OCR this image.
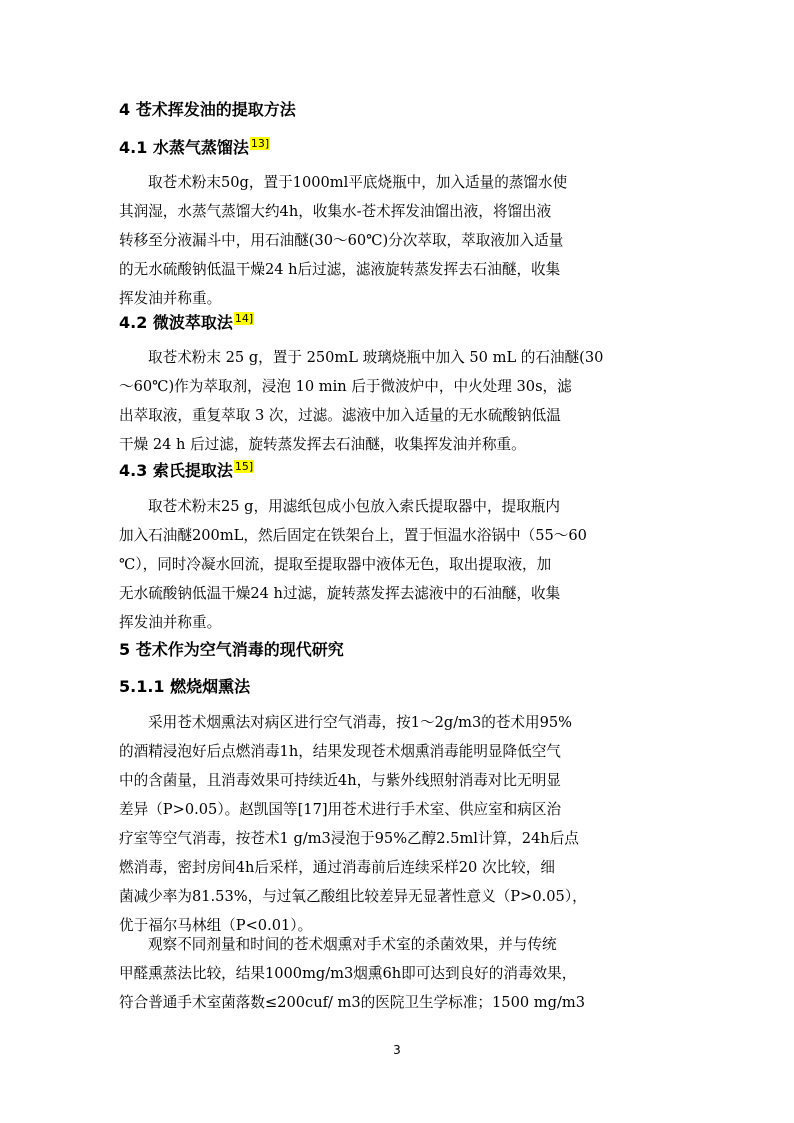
4 苍术挥发油的提取方法
4.1 水蒸气蒸馏法 13]
取苍术粉末50g，置于1000ml平底烧瓶中，加入适量的蒸馏水使
其润湿，水蒸气蒸馏大约4h，收集水-苍术挥发油馏出液，将馏出液
转移至分液漏斗中，用石油醚(30～60℃)分次萃取，萃取液加入适量
的无水硫酸钠低温干燥24 h后过滤，滤液旋转蒸发挥去石油醚，收集
挥发油并称重。
4.2 微波萃取法 14]
取苍术粉末 25 g，置于 250mL 玻璃烧瓶中加入 50 mL 的石油醚(30
～60℃)作为萃取剂，浸泡 10 min 后于微波炉中，中火处理 30s，滤
出萃取液，重复萃取 3 次，过滤。滤液中加入适量的无水硫酸钠低温
干燥 24 h 后过滤，旋转蒸发挥去石油醚，收集挥发油并称重。
4.3 索氏提取法 15]
取苍术粉末25 g，用滤纸包成小包放入索氏提取器中，提取瓶内
加入石油醚200mL，然后固定在铁架台上，置于恒温水浴锅中（55～60
℃），同时冷凝水回流，提取至提取器中液体无色，取出提取液，加
无水硫酸钠低温干燥24 h过滤，旋转蒸发挥去滤液中的石油醚，收集
挥发油并称重。
5 苍术作为空气消毒的现代研究
5.1.1 燃烧烟熏法
采用苍术烟熏法对病区进行空气消毒，按1～2g/m3的苍术用95%
的酒精浸泡好后点燃消毒1h，结果发现苍术烟熏消毒能明显降低空气
中的含菌量，且消毒效果可持续近4h，与紫外线照射消毒对比无明显
差异（P>0.05）。赵凯国等[17]用苍术进行手术室、供应室和病区治
疗室等空气消毒，按苍术1 g/m3浸泡于95%乙醇2.5ml计算，24h后点
燃消毒，密封房间4h后采样，通过消毒前后连续采样20 次比较，细
菌减少率为81.53%，与过氧乙酸组比较差异无显著性意义（P>0.05），
优于福尔马林组（P<0.01）。
观察不同剂量和时间的苍术烟熏对手术室的杀菌效果，并与传统
甲醛熏蒸法比较，结果1000mg/m3烟熏6h即可达到良好的消毒效果，
符合普通手术室菌落数≤200cuf/ m3的医院卫生学标准；1500 mg/m3
3
